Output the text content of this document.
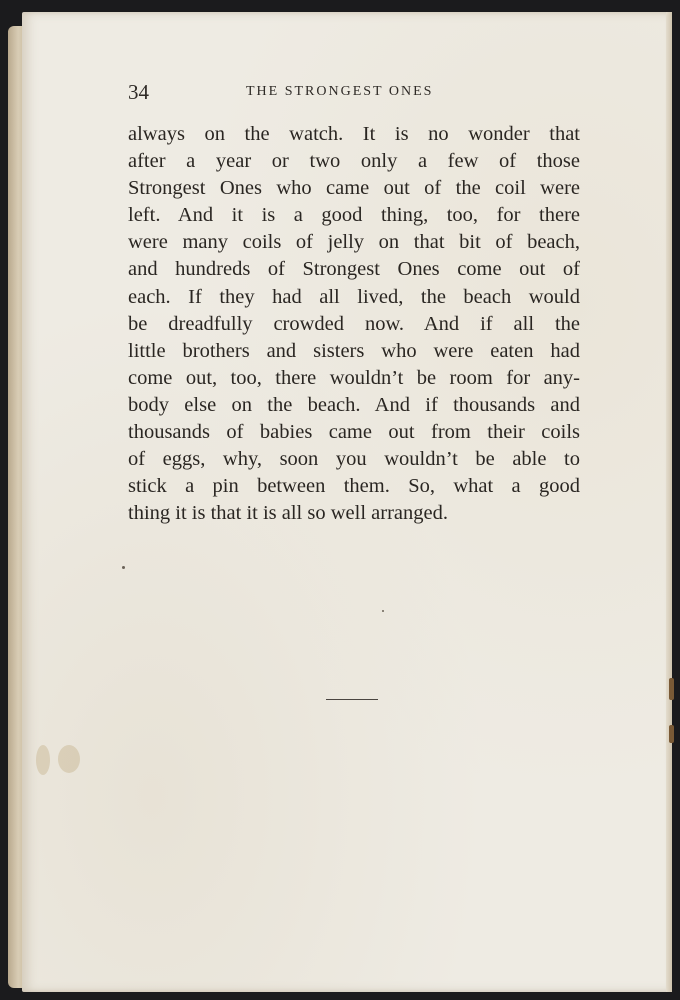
34	THE STRONGEST ONES
always on the watch. It is no wonder that
after a year or two only a few of those
Strongest Ones who came out of the coil were
left. And it is a good thing, too, for there
were many coils of jelly on that bit of beach,
and hundreds of Strongest Ones come out of
each. If they had all lived, the beach would
be dreadfully crowded now. And if all the
little brothers and sisters who were eaten had
come out, too, there wouldn’t be room for any-
body else on the beach. And if thousands and
thousands of babies came out from their coils
of eggs, why, soon you wouldn’t be able to
stick a pin between them. So, what a good
thing it is that it is all so well arranged.
